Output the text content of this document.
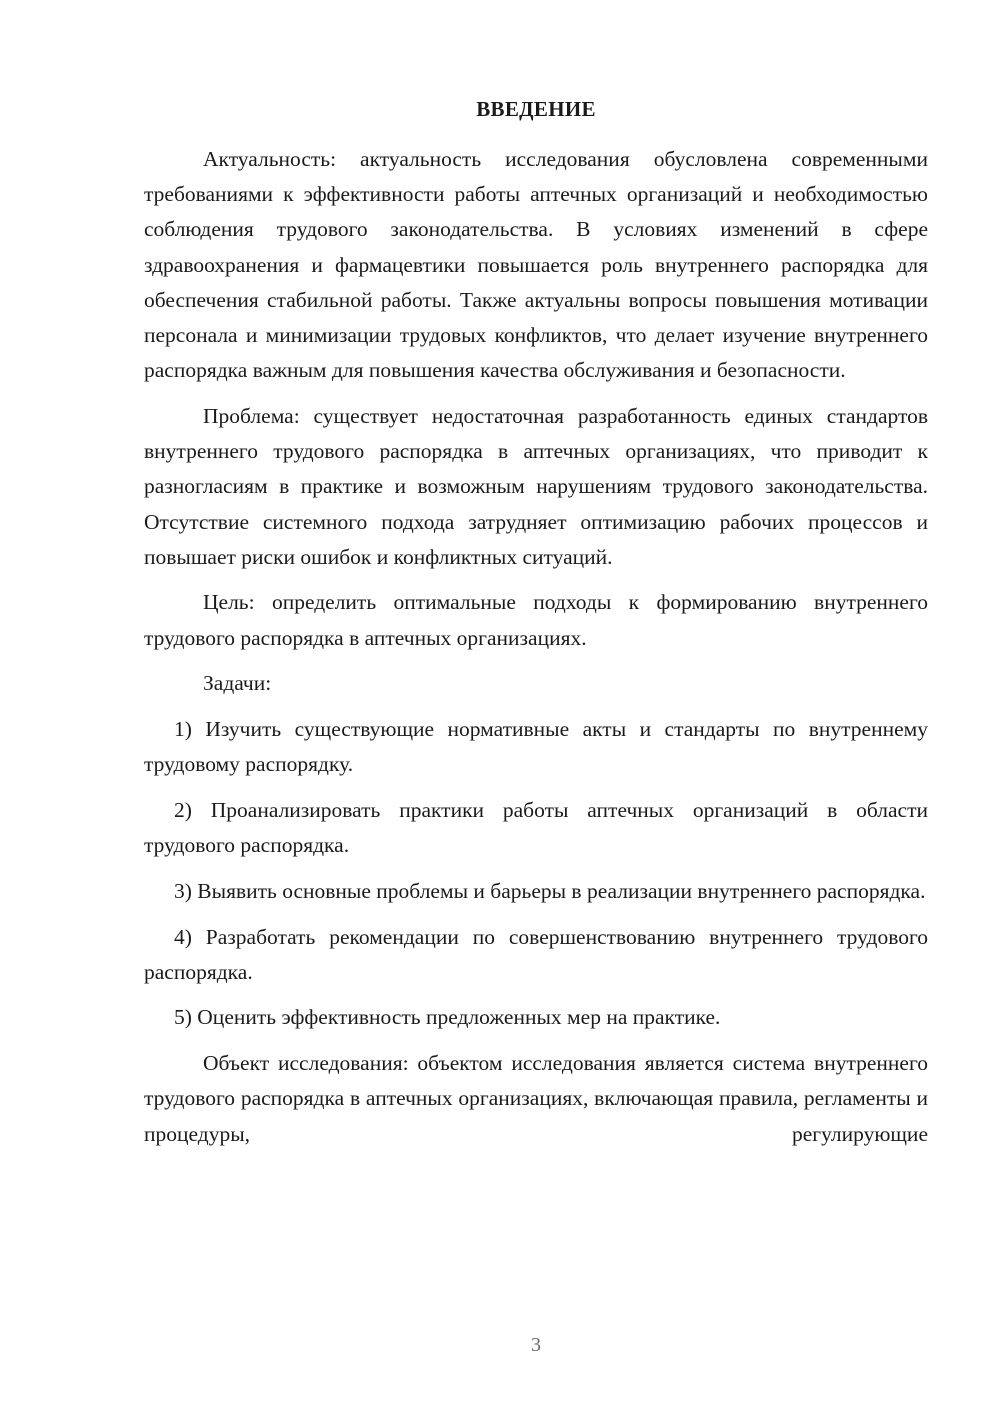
ВВЕДЕНИЕ

Актуальность: актуальность исследования обусловлена современными требованиями к эффективности работы аптечных организаций и необходимостью соблюдения трудового законодательства. В условиях изменений в сфере здравоохранения и фармацевтики повышается роль внутреннего распорядка для обеспечения стабильной работы. Также актуальны вопросы повышения мотивации персонала и минимизации трудовых конфликтов, что делает изучение внутреннего распорядка важным для повышения качества обслуживания и безопасности.

Проблема: существует недостаточная разработанность единых стандартов внутреннего трудового распорядка в аптечных организациях, что приводит к разногласиям в практике и возможным нарушениям трудового законодательства. Отсутствие системного подхода затрудняет оптимизацию рабочих процессов и повышает риски ошибок и конфликтных ситуаций.

Цель: определить оптимальные подходы к формированию внутреннего трудового распорядка в аптечных организациях.

Задачи:

1) Изучить существующие нормативные акты и стандарты по внутреннему трудовому распорядку.

2) Проанализировать практики работы аптечных организаций в области трудового распорядка.

3) Выявить основные проблемы и барьеры в реализации внутреннего распорядка.

4) Разработать рекомендации по совершенствованию внутреннего трудового распорядка.

5) Оценить эффективность предложенных мер на практике.

Объект исследования: объектом исследования является система внутреннего трудового распорядка в аптечных организациях, включающая правила, регламенты и процедуры, регулирующие

3
